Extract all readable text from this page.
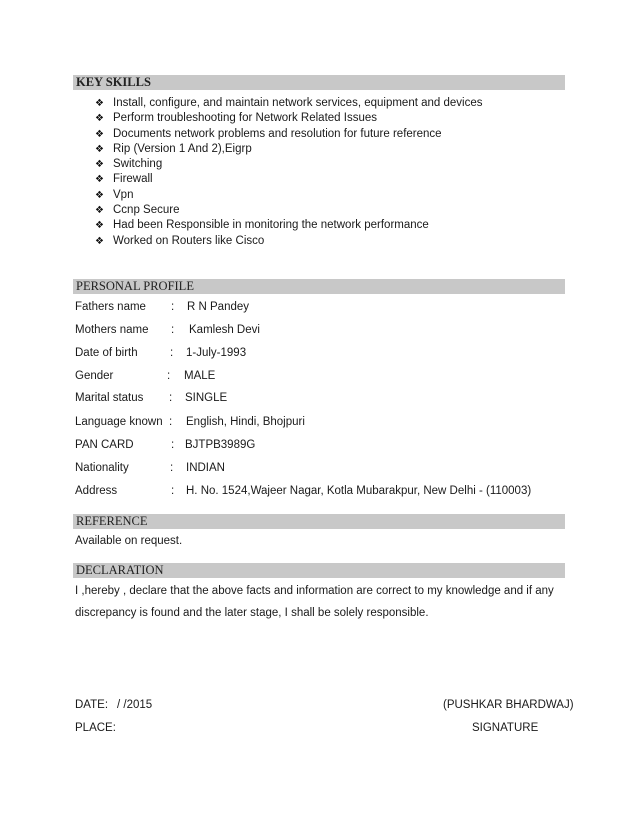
KEY SKILLS
❖ Install, configure, and maintain network services, equipment and devices
❖ Perform troubleshooting for Network Related Issues
❖ Documents network problems and resolution for future reference
❖ Rip (Version 1 And 2),Eigrp
❖ Switching
❖ Firewall
❖ Vpn
❖ Ccnp Secure
❖ Had been Responsible in monitoring the network performance
❖ Worked on Routers like Cisco
PERSONAL PROFILE
Fathers name : R N Pandey
Mothers name : Kamlesh Devi
Date of birth	: 1-July-1993
Gender	: MALE
Marital status : SINGLE
Language known : English, Hindi, Bhojpuri
PAN CARD	: BJTPB3989G
Nationality	: INDIAN
Address	: H. No. 1524,Wajeer Nagar, Kotla Mubarakpur, New Delhi - (110003)
REFERENCE
Available on request.
DECLARATION
I ,hereby , declare that the above facts and information are correct to my knowledge and if any
discrepancy is found and the later stage, I shall be solely responsible.
DATE: / /2015
PLACE:
(PUSHKAR BHARDWAJ)
SIGNATURE
